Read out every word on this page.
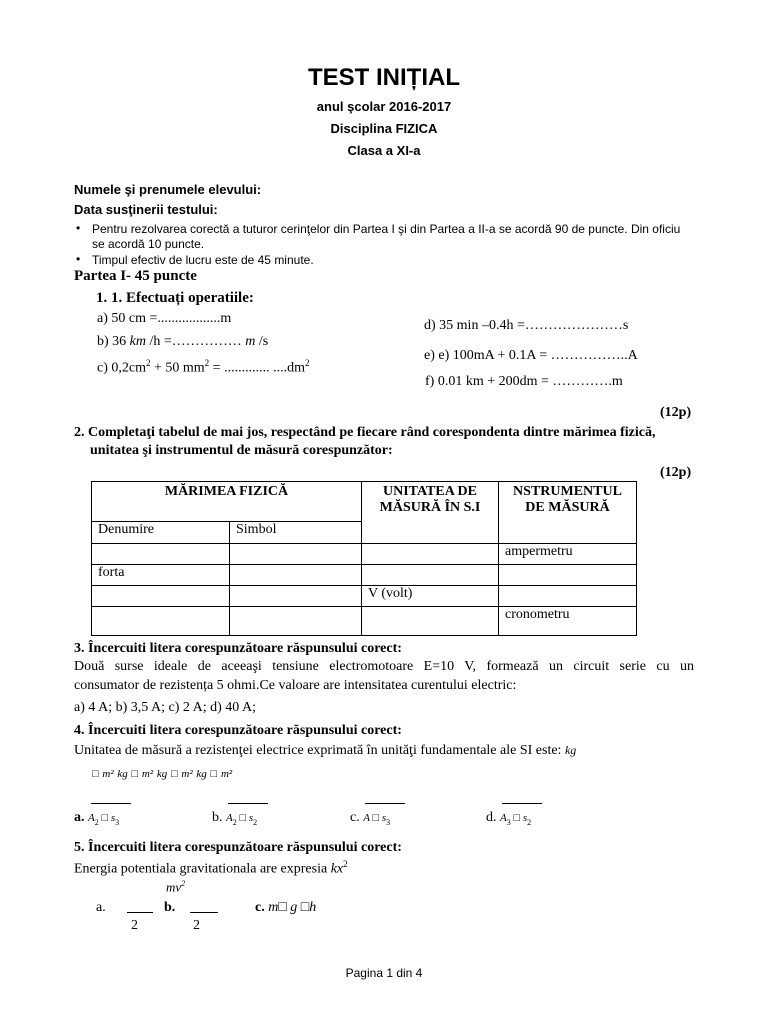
TEST INIȚIAL
anul şcolar 2016-2017
Disciplina FIZICA
Clasa a XI-a
Numele şi prenumele elevului:
Data susţinerii testului:
• Pentru rezolvarea corectă a tuturor cerinţelor din Partea I şi din Partea a II-a se acordă 90 de puncte. Din oficiu
se acordă 10 puncte.
• Timpul efectiv de lucru este de 45 minute.
Partea I- 45 puncte
1. 1. Efectuați operatiile:
a) 50 cm =..................m
b) 36 km /h =…………… m /s
c) $0,2cm^2 + 50$ $mm^2$ = ............. $....dm^2$
d) 35 min –0.4h =…………………s
e) e) 100mA + 0.1A = ……………..A
f) 0.01 km + 200dm = ………….m
(12p)
2. Completaţi tabelul de mai jos, respectând pe fiecare rând corespondenta dintre mărimea fizică,
unitatea şi instrumentul de măsură corespunzător:
(12p)
MĂRIMEA FIZICĂ		UNITATEA DE
MĂSURĂ ÎN S.I	NSTRUMENTUL
DE MĂSURĂ
Denumire	Simbol		
			ampermetru
forta			
		V (volt)	
			cronometru
3. Încercuiti litera corespunzătoare răspunsului corect:
Două surse ideale de aceeaşi tensiune electromotoare E=10 V, formează un circuit serie cu un
consumator de rezistența 5 ohmi.Ce valoare are intensitatea curentului electric:
a) 4 A; b) 3,5 A; c) 2 A; d) 40 A;
4. Încercuiti litera corespunzătoare răspunsului corect:
Unitatea de măsură a rezistenţei electrice exprimată în unităţi fundamentale ale SI este: kg
□ m² kg □ m² kg □ m² kg □ m²
a. $A_2$ □ $s_3$	b. $A_2$ □ $s_2$	c. A □ $s_3$	d. $A_3$ □ $s_2$
5. Încercuiti litera corespunzătoare răspunsului corect:
Energia potentiala gravitationala are expresia $kx^2$
$mv^2$
a.	b.	c. m□ g □h
2	2
Pagina 1 din 4
